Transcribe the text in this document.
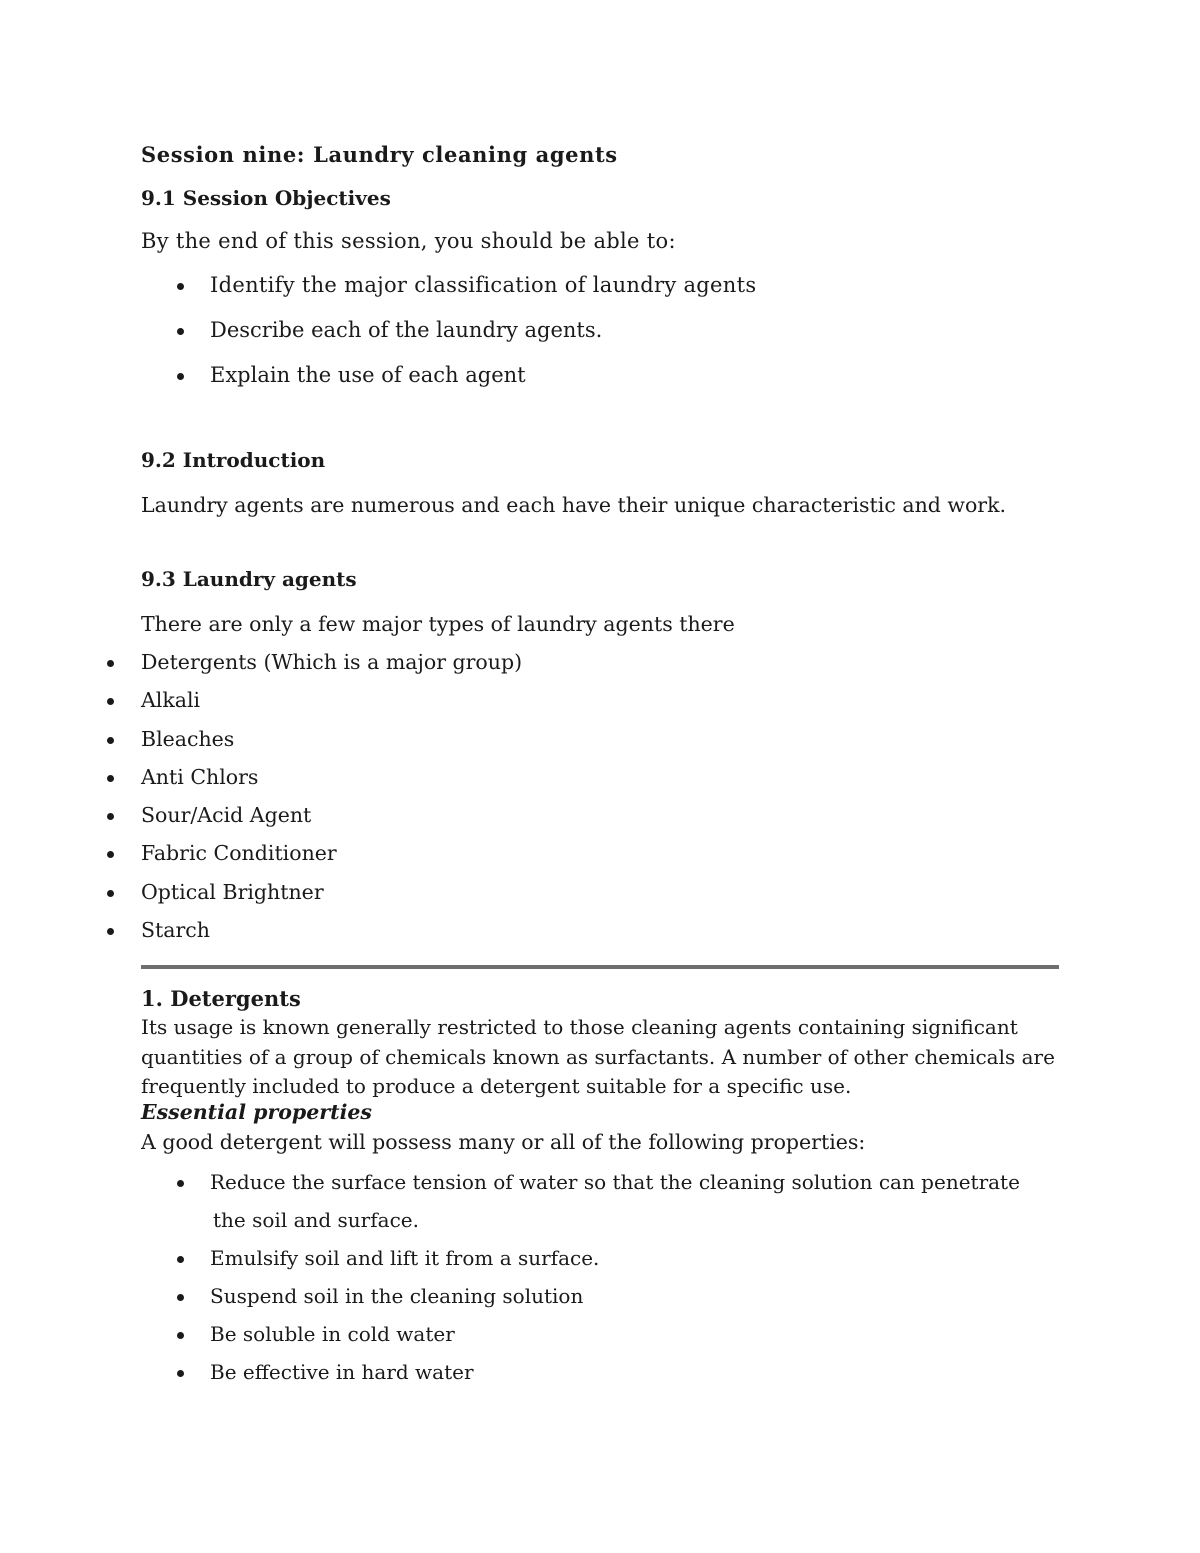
Session nine: Laundry cleaning agents
9.1 Session Objectives
By the end of this session, you should be able to:
Identify the major classification of laundry agents
Describe each of the laundry agents.
Explain the use of each agent
9.2 Introduction
Laundry agents are numerous and each have their unique characteristic and work.
9.3 Laundry agents
There are only a few major types of laundry agents there
Detergents (Which is a major group)
Alkali
Bleaches
Anti Chlors
Sour/Acid Agent
Fabric Conditioner
Optical Brightner
Starch
1. Detergents
Its usage is known generally restricted to those cleaning agents containing significant quantities of a group of chemicals known as surfactants. A number of other chemicals are frequently included to produce a detergent suitable for a specific use.
Essential properties
A good detergent will possess many or all of the following properties:
Reduce the surface tension of water so that the cleaning solution can penetrate
the soil and surface.
Emulsify soil and lift it from a surface.
Suspend soil in the cleaning solution
Be soluble in cold water
Be effective in hard water
